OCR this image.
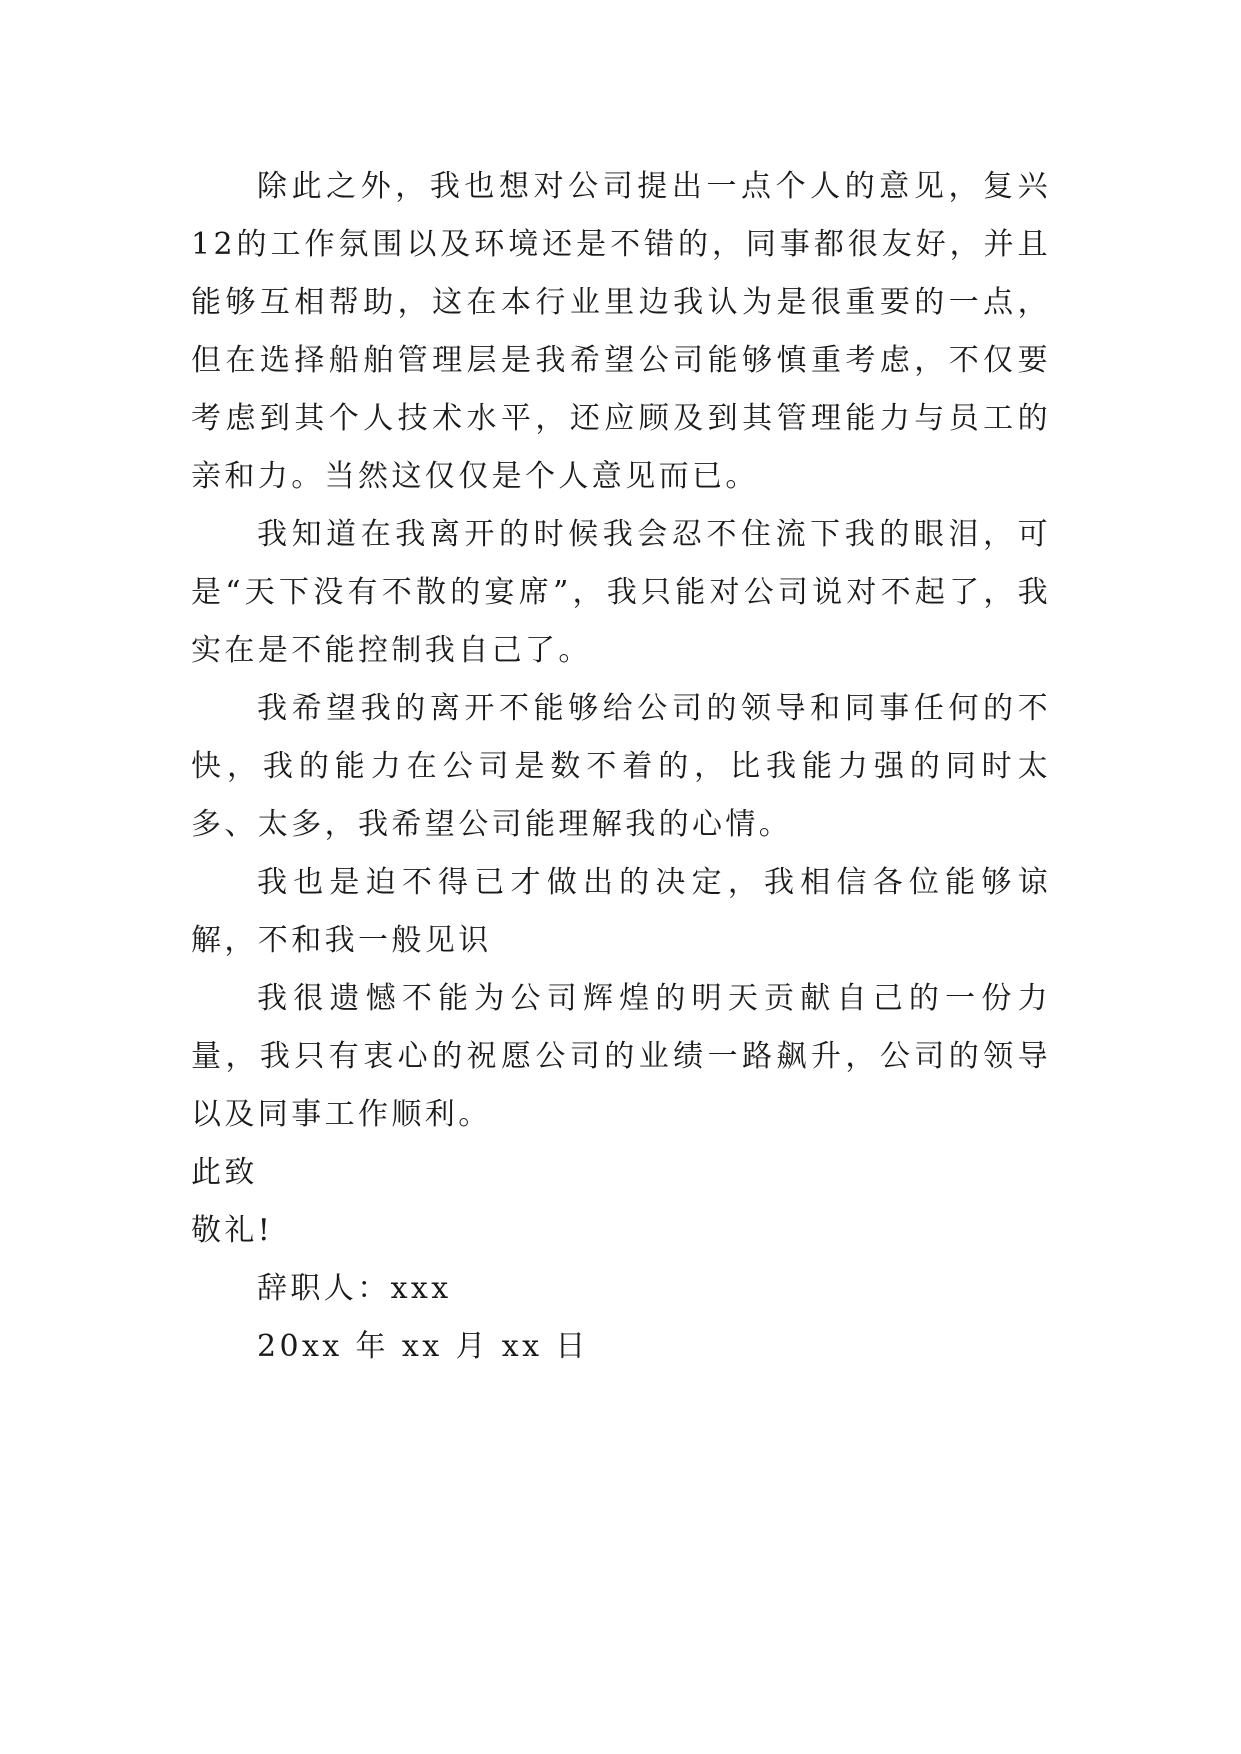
除此之外，我也想对公司提出一点个人的意见，复兴12的工作氛围以及环境还是不错的，同事都很友好，并且能够互相帮助，这在本行业里边我认为是很重要的一点，但在选择船舶管理层是我希望公司能够慎重考虑，不仅要考虑到其个人技术水平，还应顾及到其管理能力与员工的亲和力。当然这仅仅是个人意见而已。

我知道在我离开的时候我会忍不住流下我的眼泪，可是“天下没有不散的宴席”，我只能对公司说对不起了，我实在是不能控制我自己了。

我希望我的离开不能够给公司的领导和同事任何的不快，我的能力在公司是数不着的，比我能力强的同时太多、太多，我希望公司能理解我的心情。

我也是迫不得已才做出的决定，我相信各位能够谅解，不和我一般见识

我很遗憾不能为公司辉煌的明天贡献自己的一份力量，我只有衷心的祝愿公司的业绩一路飙升，公司的领导以及同事工作顺利。

此致

敬礼!

辞职人：xxx

20xx 年 xx 月 xx 日
